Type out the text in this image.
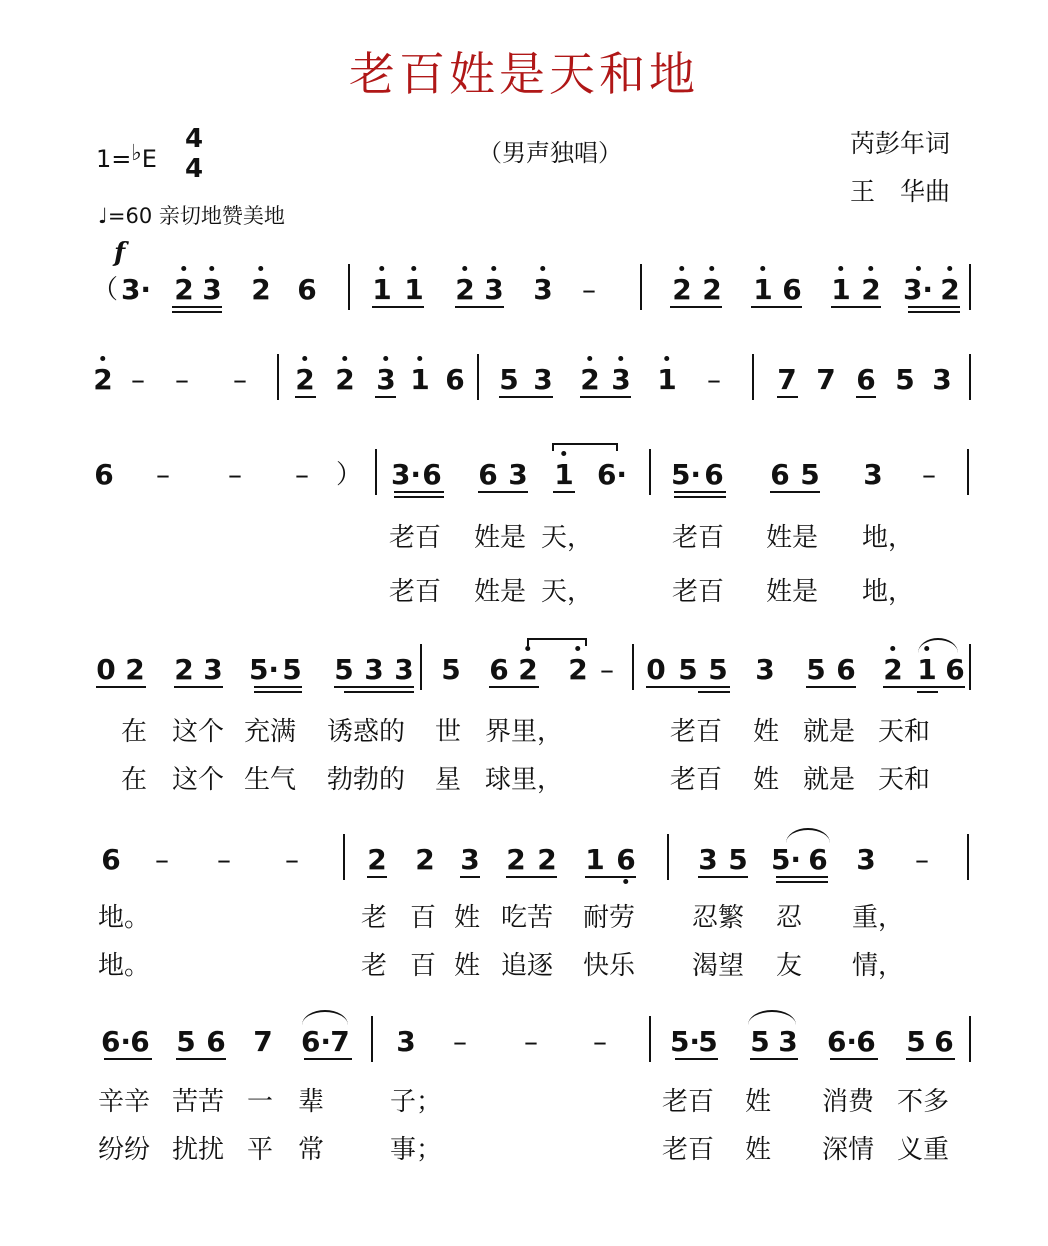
老百姓是天和地
1=♭E
4
4
♩=60 亲切地赞美地
（男声独唱）	芮彭年词
王　华曲
f
（ 3· 2 3 2 6 1 1 2 3 3 –	2 2 1 6 1 2 3· 2
2 – – – 2 2 3 1 6 5 3 2 3 1 – 7 7 6 5 3
6 – – – ） 3· 6 6 3 1 6· 5· 6 6 5 3 –
老百 姓是 天，	老百 姓是 地，
老百 姓是 天，	老百 姓是 地，
0 2 2 3 5· 5 5 3 3 5 6 2 2 – 0 5 5 3 5 6 2 1 6
在 这个 充满 诱惑的 世 界里，	老百 姓 就是 天和
在 这个 生气 勃勃的 星 球里，	老百 姓 就是 天和
6 – – – 2 2 3 2 2 1 6 3 5 5· 6 3 –
地。	老 百 姓 吃苦 耐劳 忍繁 忍 重，
地。	老 百 姓 追逐 快乐 渴望 友 情，
6· 6 5 6 7 6· 7 3 – – – 5·
5 5 3 6· 6 5 6
辛辛 苦苦 一 辈	子；	老百 姓 消费 不多
纷纷 扰扰 平 常	事；	老百 姓 深情 义重
